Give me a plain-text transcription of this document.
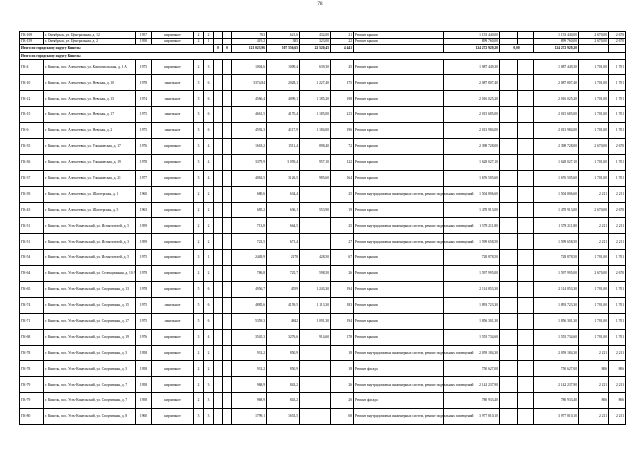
78
ГК-169	г. Октябрьск, ул. Центральная, д. 12	1957	кирпичное	2	2			763	621,6	432,00	21	Ремонт крыши	1 153 440,00			1 153 440,00	2 670,00	2 670
ГК-159	г. Октябрьск, ул. Центральная, д. 2	1958	кирпичное	2	1			419,2	385	323,00	22	Ремонт крыши	899 760,00			899 760,00	2 670,00	2 670
Итого по городскому округу Кинель:						0	0	121 023,96	107 556,65	22 520,45	4 441		124 272 929,20	0,00		124 272 929,20		
Итого по городскому округу Кинель:																		
ГК-4	г. Кинель, пос. Алексеевка, ул. Комсомольская, д. 1 А	1975	кирпичное	2	3			1004,6	1009,4	639,30	45	Ремонт крыши	1 087 449,30			1 087 449,30	1 701,00	1 701
ГК-10	г. Кинель, пос. Алексеевка, ул. Невская, д. 10	1978	панельное	5	6			5374,84	2028,1	1 227,40	175	Ремонт крыши	2 087 807,40			2 087 807,40	1 701,00	1 701
ГК-12	г. Кинель, пос. Алексеевка, ул. Невская, д. 15	1974	панельное	5	6			4566,4	4099,1	1 185,20	198	Ремонт крыши	2 016 025,20			2 016 025,20	1 701,00	1 701
ГК-15	г. Кинель, пос. Алексеевка, ул. Невская, д. 17	1975	панельное	5	6			4661,5	4170,4	1 185,00	213	Ремонт крыши	2 015 685,00			2 015 685,00	1 701,00	1 701
ГК-6	г. Кинель, пос. Алексеевка, ул. Невская, д. 2	1975	панельное	5	6			4592,3	4117,9	1 184,00	196	Ремонт крыши	2 013 984,00			2 013 984,00	1 701,00	1 701
ГК-35	г. Кинель, пос. Алексеевка, ул. Ульяновская, д. 17	1976	кирпичное	3	4			1618,2	1511,4	898,40	72	Ремонт крыши	2 398 728,00			2 398 728,00	2 670,00	2 670
ГК-36	г. Кинель, пос. Алексеевка, ул. Ульяновская, д. 19	1978	кирпичное	5	4			3379,9	3 059,4	957,10	122	Ремонт крыши	1 628 027,10			1 628 027,10	1 701,00	1 701
ГК-37	г. Кинель, пос. Алексеевка, ул. Ульяновская, д. 21	1977	кирпичное	5	4			4063,5	3126,5	985,60	164	Ремонт крыши	1 676 505,60			1 676 505,60	1 701,00	1 701
ГК-39	г. Кинель, пос. Алексеевка, ул. Шахтерская, д. 1	1960	кирпичное	2	2			680,6	634,4		25	Ремонт внутридомовых инженерных систем, ремонт подвальных помещений	1 504 806,60			1 504 806,60	2 211	2 211
ГК-43	г. Кинель, пос. Алексеевка, ул. Шахтерская, д. 5	1963	кирпичное	2	2			685,2	636,1	553,90	19	Ремонт крыши	1 478 913,00			1 478 913,00	2 670,00	2 670
ГК-51	г. Кинель, пос. Усть-Кинельский, ул. Испытателей, д. 5	1959	кирпичное	2	2			713,8	664,5		25	Ремонт внутридомовых инженерных систем, ремонт подвальных помещений	1 578 211,80			1 578 211,80	2 211	2 211
ГК-51	г. Кинель, пос. Усть-Кинельский, ул. Испытателей, д. 3	1959	кирпичное	2	2			723,5	671,4		27	Ремонт внутридомовых инженерных систем, ремонт подвальных помещений	1 599 658,50			1 599 658,50	2 211	2 211
ГК-54	г. Кинель, пос. Усть-Кинельский, ул. Испытателей, д. 5	1975	кирпичное	3	1			2449,9	2178	428,50	67	Ремонт крыши	728 878,50			728 878,50	1 701,00	1 701
ГК-64	г. Кинель, пос. Усть-Кинельский, ул. Селекционная, д. 10 А	1979	кирпичное	2	2			786,8	725,7	598,50	26	Ремонт крыши	1 597 995,00			1 597 995,00	2 670,00	2 670
ГК-65	г. Кинель, пос. Усть-Кинельский, ул. Спортивная, д. 13	1978	кирпичное	5	6			4956,7	4559	1 243,30	194	Ремонт крыши	2 114 853,30			2 114 853,30	1 701,00	1 701
ГК-74	г. Кинель, пос. Усть-Кинельский, ул. Спортивная, д. 15	1975	панельное	5	6			4885,6	4159,5	1 113,30	183	Ремонт крыши	1 893 723,30			1 893 723,30	1 701,00	1 701
ГК-71	г. Кинель, пос. Усть-Кинельский, ул. Спортивная, д. 17	1975	панельное	5	6			5359,3	4842	1 091,30	194	Ремонт крыши	1 856 301,30			1 856 301,30	1 701,00	1 701
ГК-68	г. Кинель, пос. Усть-Кинельский, ул. Спортивная, д. 19	1976	кирпичное	3	4			3545,3	3276,6	914,60	178	Ремонт крыши	1 555 734,60			1 555 734,60	1 701,00	1 701
ГК-78	г. Кинель, пос. Усть-Кинельский, ул. Спортивная, д. 5	1958	кирпичное	2	2			931,2	850,9		18	Ремонт внутридомовых инженерных систем, ремонт подвальных помещений	2 059 184,30			2 059 184,30	2 211	2 211
ГК-78	г. Кинель, пос. Усть-Кинельский, ул. Спортивная, д. 5	1958	кирпичное	2	2			931,2	850,9		18	Ремонт фасада	750 627,00			750 627,00	806	806
ГК-79	г. Кинель, пос. Усть-Кинельский, ул. Спортивная, д. 7	1958	кирпичное	2	3			968,9	843,2		26	Ремонт внутридомовых инженерных систем, ремонт подвальных помещений	2 142 237,90			2 142 237,90	2 211	2 211
ГК-79	г. Кинель, пос. Усть-Кинельский, ул. Спортивная, д. 7	1958	кирпичное	2	3			968,9	843,2		26	Ремонт фасада	780 933,40			780 933,40	806	806
ГК-80	г. Кинель, пос. Усть-Кинельский, ул. Спортивная, д. 8	1960	кирпичное	3	3			1799,1	1653,5		68	Ремонт внутридомовых инженерных систем, ремонт подвальных помещений	3 977 810,10			3 977 810,10	2 211	2 211
